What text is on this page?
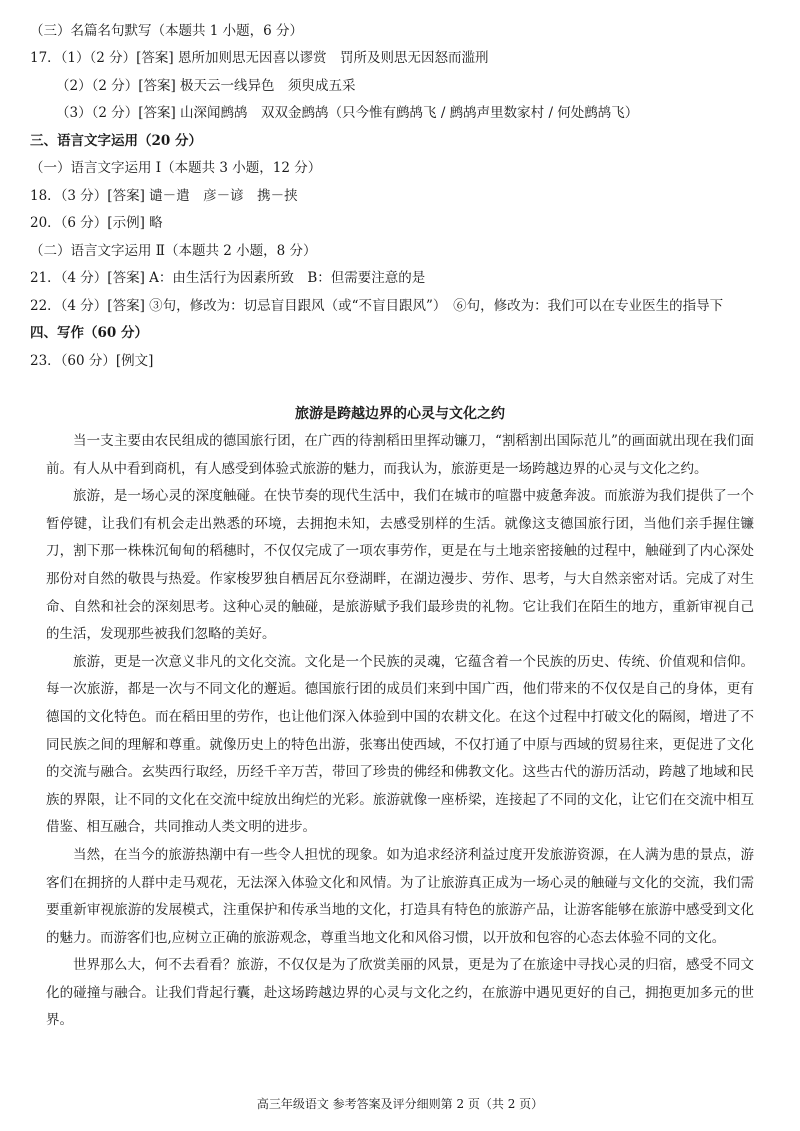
（三）名篇名句默写（本题共 1 小题，6 分）
17．（1）（2 分）[答案] 恩所加则思无因喜以谬赏　罚所及则思无因怒而滥刑
（2）（2 分）[答案] 极天云一线异色　须臾成五采
（3）（2 分）[答案] 山深闻鹧鸪　双双金鹧鸪（只今惟有鹧鸪飞 / 鹧鸪声里数家村 / 何处鹧鸪飞）
三、语言文字运用（20 分）
（一）语言文字运用 Ⅰ（本题共 3 小题，12 分）
18．（3 分）[答案] 谴－遣　彦－谚　携－挟
20．（6 分）[示例] 略
（二）语言文字运用 Ⅱ（本题共 2 小题，8 分）
21．（4 分）[答案] A：由生活行为因素所致　B：但需要注意的是
22．（4 分）[答案] ③句，修改为：切忌盲目跟风（或“不盲目跟风”）　⑥句，修改为：我们可以在专业医生的指导下
四、写作（60 分）
23．（60 分）[例文]
旅游是跨越边界的心灵与文化之约

当一支主要由农民组成的德国旅行团，在广西的待割稻田里挥动镰刀，“割稻割出国际范儿”的画面就出现在我们面前。有人从中看到商机，有人感受到体验式旅游的魅力，而我认为，旅游更是一场跨越边界的心灵与文化之约。

旅游，是一场心灵的深度触碰。在快节奏的现代生活中，我们在城市的喧嚣中疲惫奔波。而旅游为我们提供了一个暂停键，让我们有机会走出熟悉的环境，去拥抱未知，去感受别样的生活。就像这支德国旅行团，当他们亲手握住镰刀，割下那一株株沉甸甸的稻穗时，不仅仅完成了一项农事劳作，更是在与土地亲密接触的过程中，触碰到了内心深处那份对自然的敬畏与热爱。作家梭罗独自栖居瓦尔登湖畔，在湖边漫步、劳作、思考，与大自然亲密对话。完成了对生命、自然和社会的深刻思考。这种心灵的触碰，是旅游赋予我们最珍贵的礼物。它让我们在陌生的地方，重新审视自己的生活，发现那些被我们忽略的美好。

旅游，更是一次意义非凡的文化交流。文化是一个民族的灵魂，它蕴含着一个民族的历史、传统、价值观和信仰。每一次旅游，都是一次与不同文化的邂逅。德国旅行团的成员们来到中国广西，他们带来的不仅仅是自己的身体，更有德国的文化特色。而在稻田里的劳作，也让他们深入体验到中国的农耕文化。在这个过程中打破文化的隔阂，增进了不同民族之间的理解和尊重。就像历史上的特色出游，张骞出使西域，不仅打通了中原与西域的贸易往来，更促进了文化的交流与融合。玄奘西行取经，历经千辛万苦，带回了珍贵的佛经和佛教文化。这些古代的游历活动，跨越了地域和民族的界限，让不同的文化在交流中绽放出绚烂的光彩。旅游就像一座桥梁，连接起了不同的文化，让它们在交流中相互借鉴、相互融合，共同推动人类文明的进步。

当然，在当今的旅游热潮中有一些令人担忧的现象。如为追求经济利益过度开发旅游资源，在人满为患的景点，游客们在拥挤的人群中走马观花，无法深入体验文化和风情。为了让旅游真正成为一场心灵的触碰与文化的交流，我们需要重新审视旅游的发展模式，注重保护和传承当地的文化，打造具有特色的旅游产品，让游客能够在旅游中感受到文化的魅力。而游客们也,应树立正确的旅游观念，尊重当地文化和风俗习惯，以开放和包容的心态去体验不同的文化。

世界那么大，何不去看看？旅游，不仅仅是为了欣赏美丽的风景，更是为了在旅途中寻找心灵的归宿，感受不同文化的碰撞与融合。让我们背起行囊，赴这场跨越边界的心灵与文化之约，在旅游中遇见更好的自己，拥抱更加多元的世界。

高三年级语文 参考答案及评分细则第 2 页（共 2 页）
